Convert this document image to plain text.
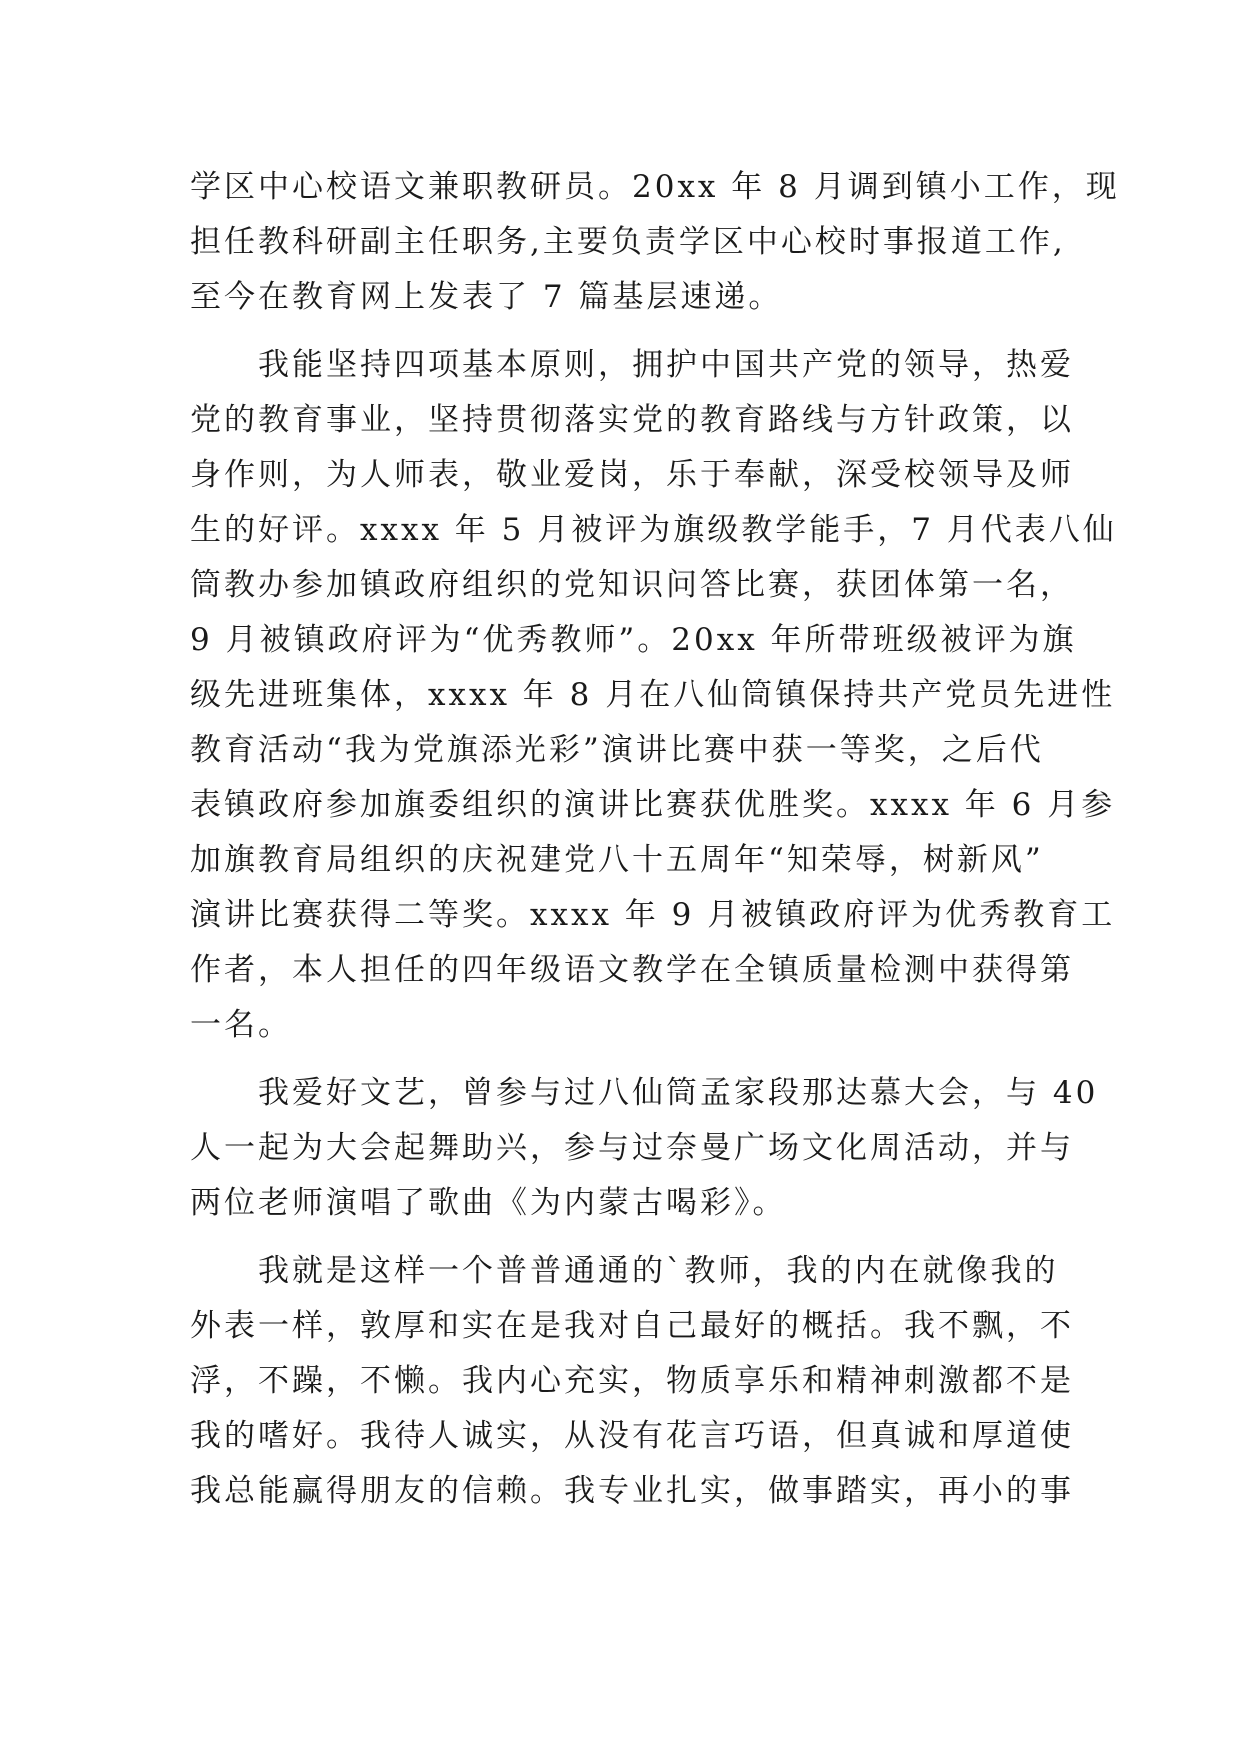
学区中心校语文兼职教研员。20xx 年 8 月调到镇小工作，现
担任教科研副主任职务,主要负责学区中心校时事报道工作,
至今在教育网上发表了 7 篇基层速递。
我能坚持四项基本原则，拥护中国共产党的领导，热爱
党的教育事业，坚持贯彻落实党的教育路线与方针政策，以
身作则，为人师表，敬业爱岗，乐于奉献，深受校领导及师
生的好评。xxxx 年 5 月被评为旗级教学能手，7 月代表八仙
筒教办参加镇政府组织的党知识问答比赛，获团体第一名，
9 月被镇政府评为“优秀教师”。20xx 年所带班级被评为旗
级先进班集体，xxxx 年 8 月在八仙筒镇保持共产党员先进性
教育活动“我为党旗添光彩”演讲比赛中获一等奖，之后代
表镇政府参加旗委组织的演讲比赛获优胜奖。xxxx 年 6 月参
加旗教育局组织的庆祝建党八十五周年“知荣辱，树新风”
演讲比赛获得二等奖。xxxx 年 9 月被镇政府评为优秀教育工
作者，本人担任的四年级语文教学在全镇质量检测中获得第
一名。
我爱好文艺，曾参与过八仙筒孟家段那达慕大会，与 40
人一起为大会起舞助兴，参与过奈曼广场文化周活动，并与
两位老师演唱了歌曲《为内蒙古喝彩》。
我就是这样一个普普通通的`教师，我的内在就像我的
外表一样，敦厚和实在是我对自己最好的概括。我不飘，不
浮，不躁，不懒。我内心充实，物质享乐和精神刺激都不是
我的嗜好。我待人诚实，从没有花言巧语，但真诚和厚道使
我总能赢得朋友的信赖。我专业扎实，做事踏实，再小的事
